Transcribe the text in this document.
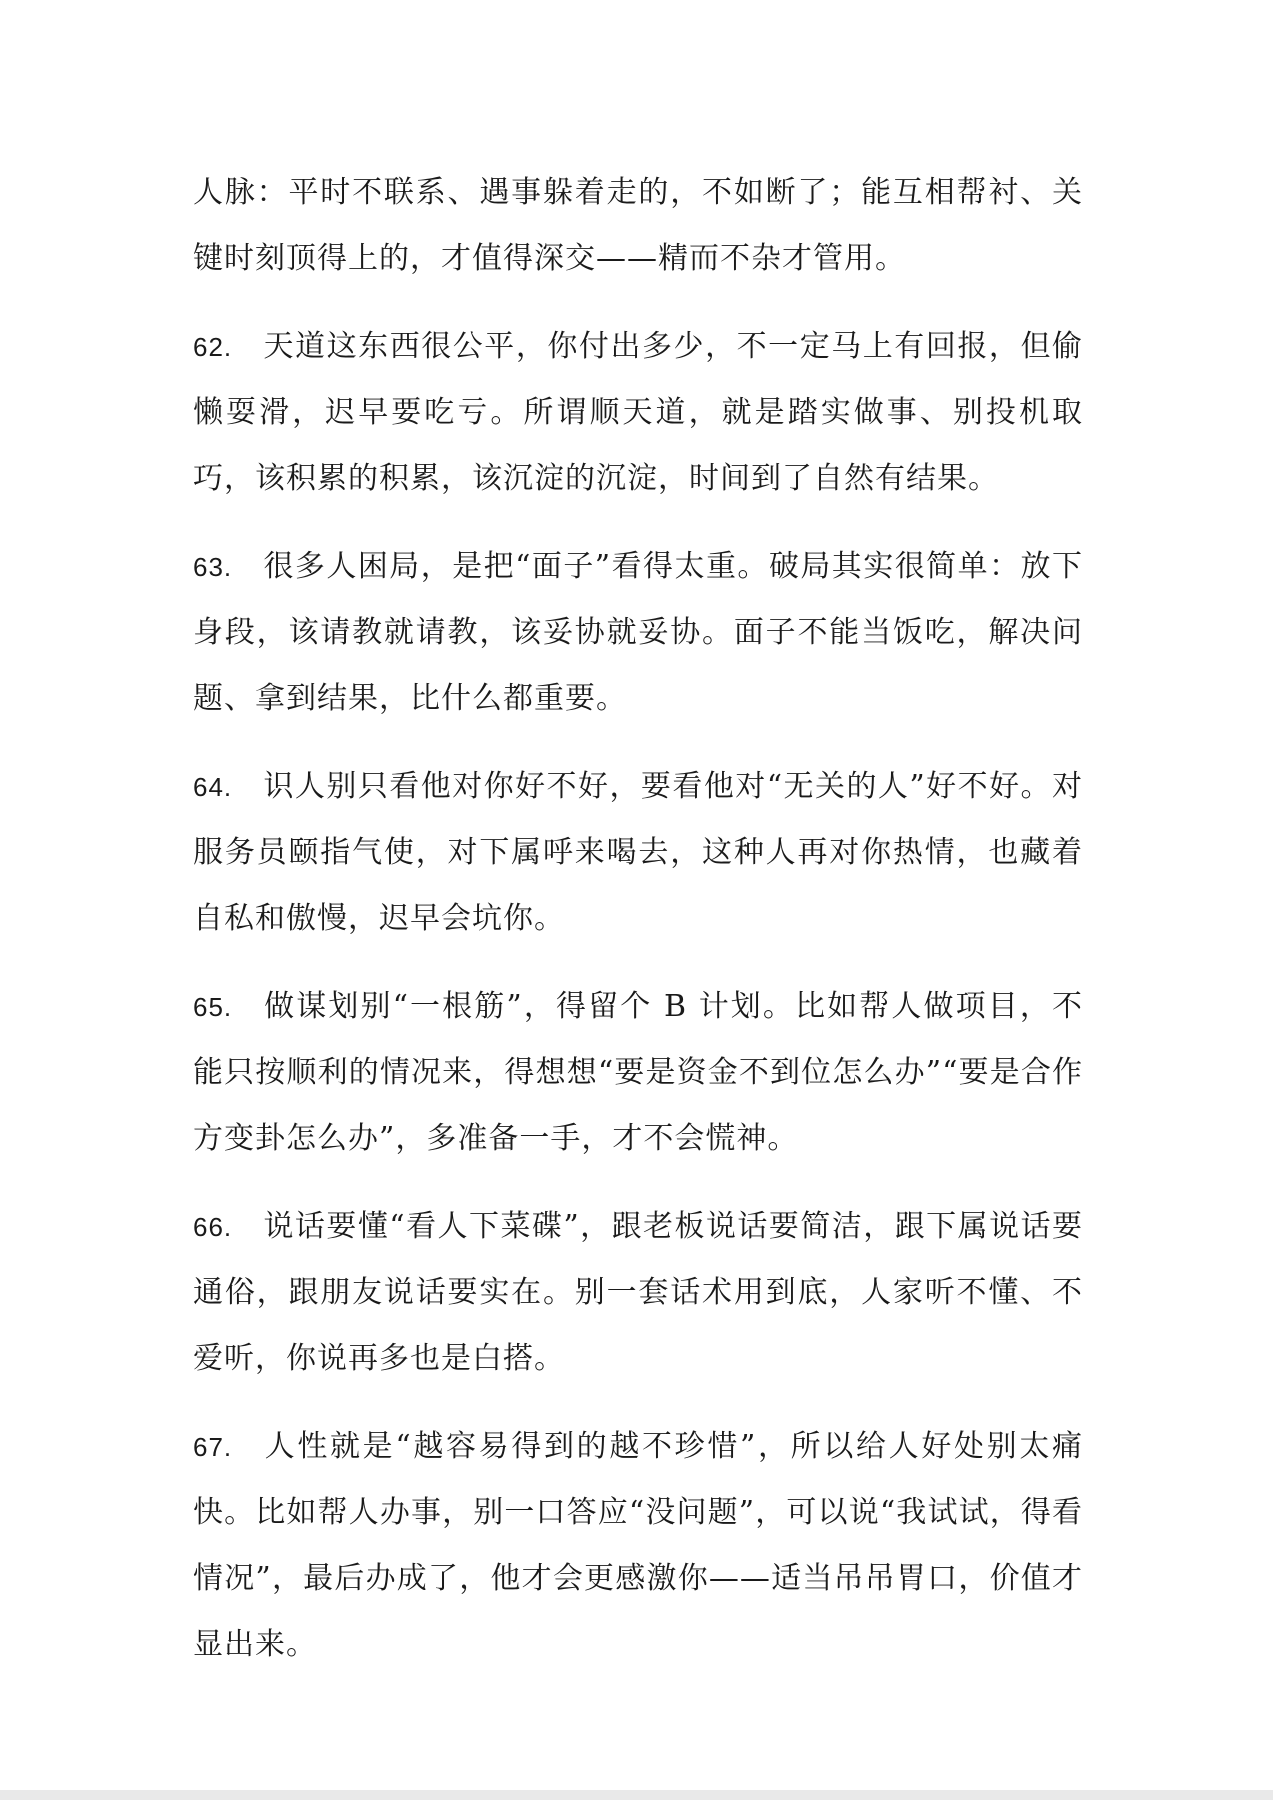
人脉：平时不联系、遇事躲着走的，不如断了；能互相帮衬、关键时刻顶得上的，才值得深交——精而不杂才管用。

62. 天道这东西很公平，你付出多少，不一定马上有回报，但偷懒耍滑，迟早要吃亏。所谓顺天道，就是踏实做事、别投机取巧，该积累的积累，该沉淀的沉淀，时间到了自然有结果。

63. 很多人困局，是把“面子”看得太重。破局其实很简单：放下身段，该请教就请教，该妥协就妥协。面子不能当饭吃，解决问题、拿到结果，比什么都重要。

64. 识人别只看他对你好不好，要看他对“无关的人”好不好。对服务员颐指气使，对下属呼来喝去，这种人再对你热情，也藏着自私和傲慢，迟早会坑你。

65. 做谋划别“一根筋”，得留个 B 计划。比如帮人做项目，不能只按顺利的情况来，得想想“要是资金不到位怎么办”“要是合作方变卦怎么办”，多准备一手，才不会慌神。

66. 说话要懂“看人下菜碟”，跟老板说话要简洁，跟下属说话要通俗，跟朋友说话要实在。别一套话术用到底，人家听不懂、不爱听，你说再多也是白搭。

67. 人性就是“越容易得到的越不珍惜”，所以给人好处别太痛快。比如帮人办事，别一口答应“没问题”，可以说“我试试，得看情况”，最后办成了，他才会更感激你——适当吊吊胃口，价值才显出来。
